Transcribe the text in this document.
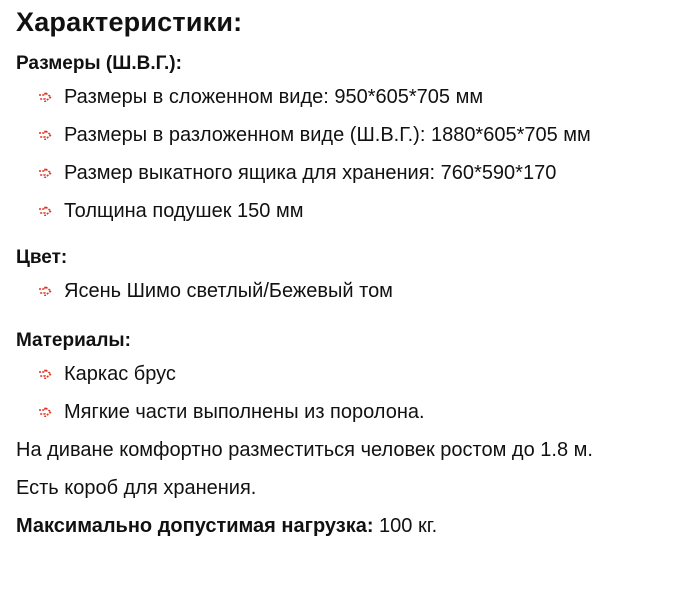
Характеристики:
Размеры (Ш.В.Г.):
Размеры в сложенном виде: 950*605*705 мм
Размеры в разложенном виде (Ш.В.Г.): 1880*605*705 мм
Размер выкатного ящика для хранения: 760*590*170
Толщина подушек 150 мм
Цвет:
Ясень Шимо светлый/Бежевый том
Материалы:
Каркас брус
Мягкие части выполнены из поролона.

На диване комфортно разместиться человек ростом до 1.8 м.

Есть короб для хранения.

Максимально допустимая нагрузка: 100 кг.
